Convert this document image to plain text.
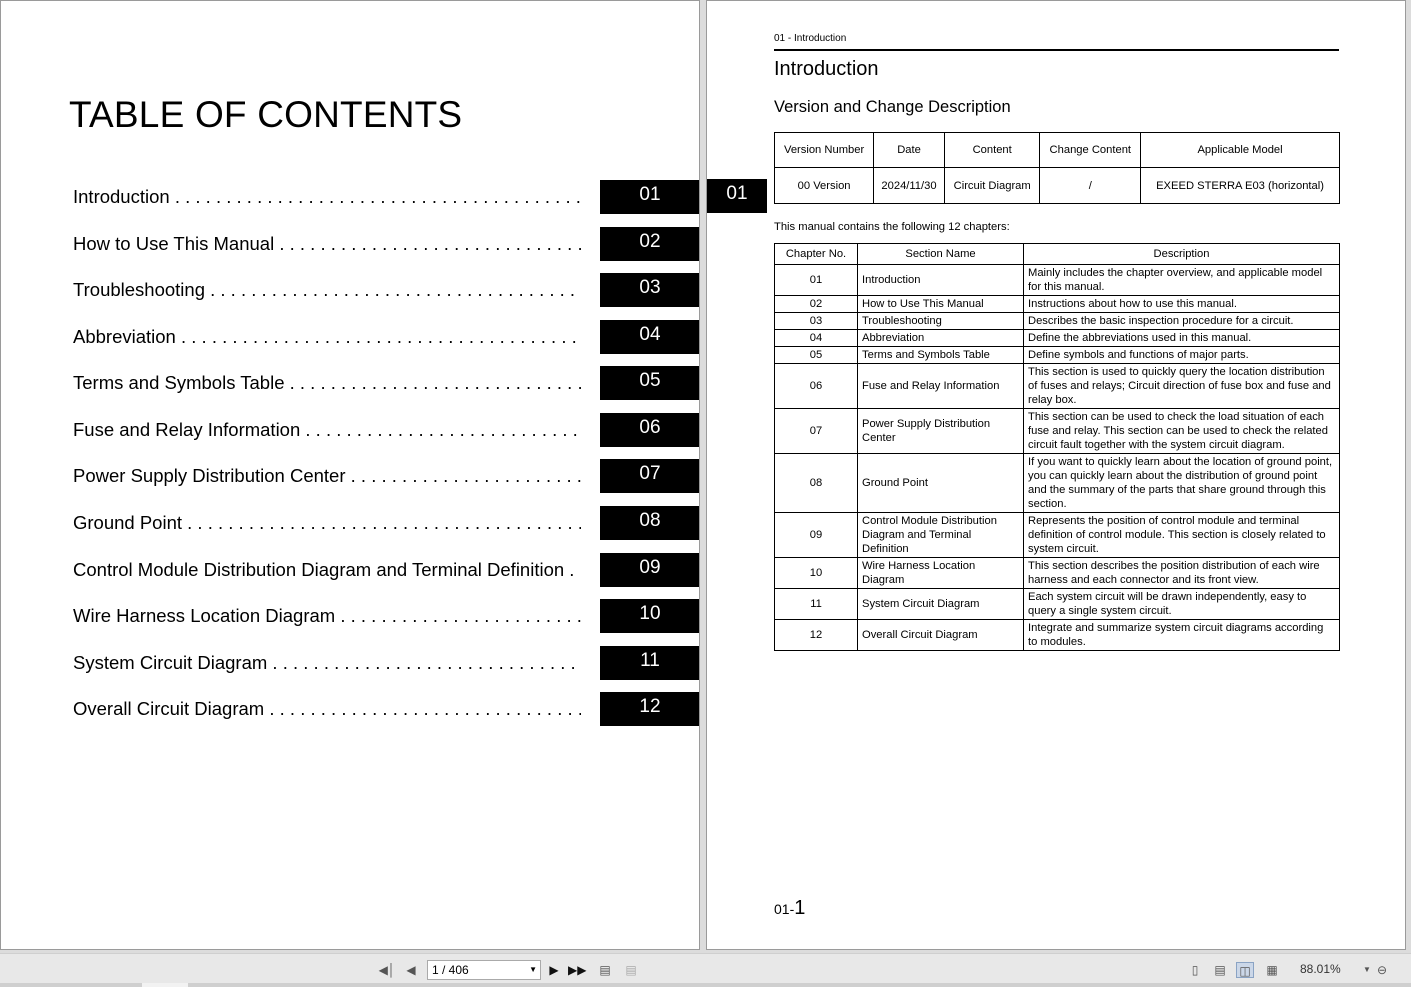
TABLE OF CONTENTS
Introduction . . .	01
How to Use This Manual . . .	02
Troubleshooting . . .	03
Abbreviation . . .	04
Terms and Symbols Table . . .	05
Fuse and Relay Information . . .	06
Power Supply Distribution Center . . .	07
Ground Point . . .	08
Control Module Distribution Diagram and Terminal Definition . . .	09
Wire Harness Location Diagram . . .	10
System Circuit Diagram . . .	11
Overall Circuit Diagram . . .	12
01
01 - Introduction
Introduction
Version and Change Description
Version Number	Date	Content	Change Content	Applicable Model
00 Version	2024/11/30	Circuit Diagram	/	EXEED STERRA E03 (horizontal)
This manual contains the following 12 chapters:
Chapter No.	Section Name	Description
01	Introduction	Mainly includes the chapter overview, and applicable model for this manual.
02	How to Use This Manual	Instructions about how to use this manual.
03	Troubleshooting	Describes the basic inspection procedure for a circuit.
04	Abbreviation	Define the abbreviations used in this manual.
05	Terms and Symbols Table	Define symbols and functions of major parts.
06	Fuse and Relay Information	This section is used to quickly query the location distribution of fuses and relays; Circuit direction of fuse box and fuse and relay box.
07	Power Supply Distribution Center	This section can be used to check the load situation of each fuse and relay. This section can be used to check the related circuit fault together with the system circuit diagram.
08	Ground Point	If you want to quickly learn about the location of ground point, you can quickly learn about the distribution of ground point and the summary of the parts that share ground through this section.
09	Control Module Distribution Diagram and Terminal Definition	Represents the position of control module and terminal definition of control module. This section is closely related to system circuit.
10	Wire Harness Location Diagram	This section describes the position distribution of each wire harness and each connector and its front view.
11	System Circuit Diagram	Each system circuit will be drawn independently, easy to query a single system circuit.
12	Overall Circuit Diagram	Integrate and summarize system circuit diagrams according to modules.
01-1
◀│ ◀	1 / 406	▼	▶ ▶▶ ▤ ▤	▯	▤ ◫ ▦ 88.01%	▼ ⊖
